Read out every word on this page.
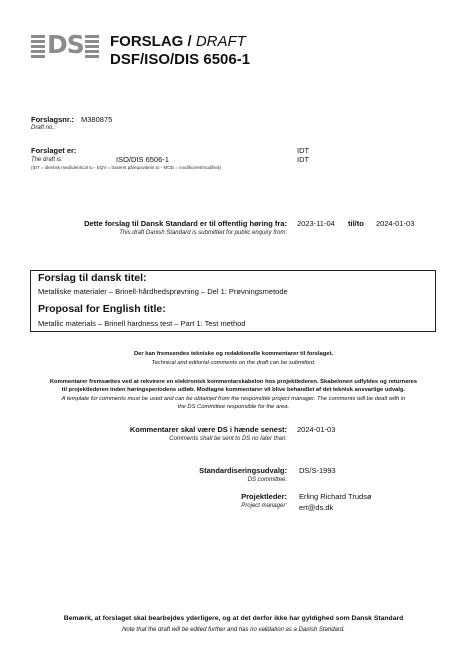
DS FORSLAG / DRAFT
DSF/ISO/DIS 6506-1
Forslagsnr.: M380875
Draft no.:
Forslaget er:	IDT
The draft is:	ISO/DIS 6506-1	IDT
(IDT = identisk med/identical to - EQV = baseret på/equivalent to - MOD = modificeret/modified)
Dette forslag til Dansk Standard er til offentlig høring fra:
This draft Danish Standard is submitted for public enquiry from:
2023-11-04 til/to 2024-01-03
Forslag til dansk titel:
Metalliske materialer – Brinell-hårdhedsprøvning – Del 1: Prøvningsmetode
Proposal for English title:
Metallic materials – Brinell hardness test – Part 1: Test method
Der kan fremsendes tekniske og redaktionelle kommentarer til forslaget.
Technical and editorial comments on the draft can be submitted.
Kommentarer fremsættes ved at rekvirere en elektronisk kommentarskabelon hos projektlederen. Skabelonen udfyldes og returneres
til projektlederen inden høringsperiodens udløb. Modtagne kommentarer vil blive behandlet af det teknisk ansvarlige udvalg.
A template for comments must be used and can be obtained from the responsible project manager. The comments will be dealt with in
the DS Committee responsible for the area.
Kommentarer skal være DS i hænde senest:
Comments shall be sent to DS no later than:
2024-01-03
Standardiseringsudvalg:
DS committee:
DS/S-1993
Projektleder:
Project manager:
Erling Richard Trudsø
ert@ds.dk
Bemærk, at forslaget skal bearbejdes yderligere, og at det derfor ikke har gyldighed som Dansk Standard
Note that the draft will be edited further and has no validation as a Danish Standard.
